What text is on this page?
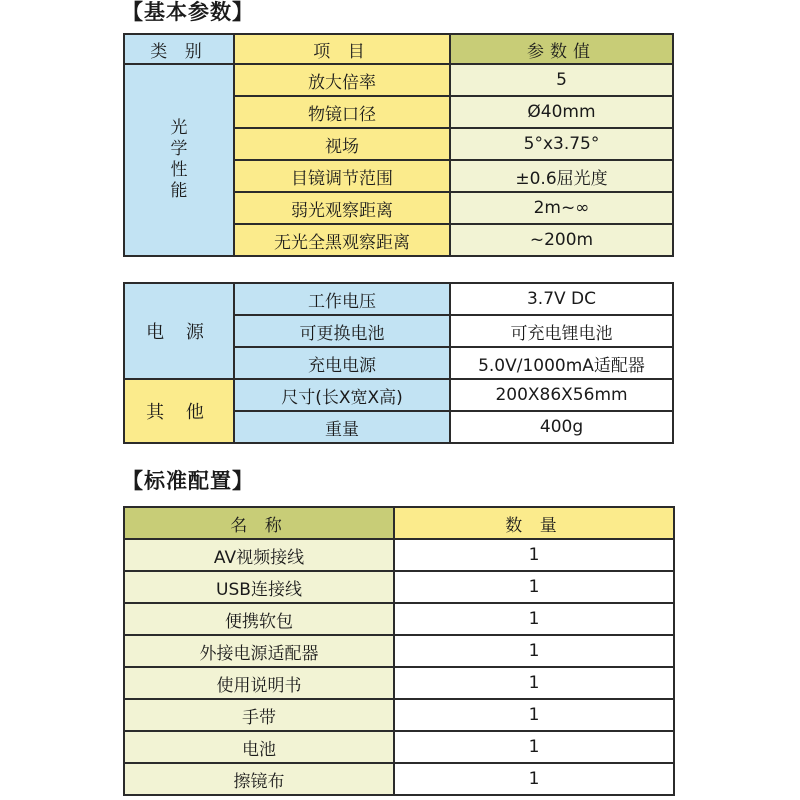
【基本参数】
类 别	项 目	参数值

光
学
性
能	放大倍率	5
	物镜口径	Ø40mm
	视场	5°x3.75°
	目镜调节范围	±0.6屈光度
	弱光观察距离	2m~∞
	无光全黑观察距离	~200m
电 源	工作电压	3.7V DC
	可更换电池	可充电锂电池
	充电电源	5.0V/1000mA适配器
其 他	尺寸(长X宽X高)	200X86X56mm
	重量	400g
【标准配置】
名 称	数 量
AV视频接线	1
USB连接线	1
便携软包	1
外接电源适配器	1
使用说明书	1
手带	1
电池	1
擦镜布	1
